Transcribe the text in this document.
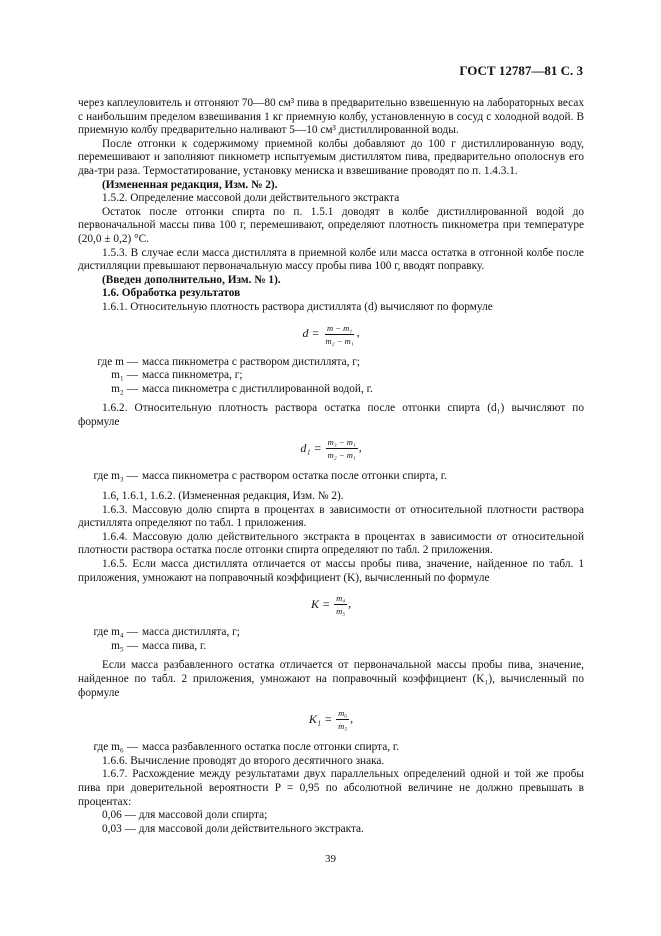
ГОСТ 12787—81 С. 3

через каплеуловитель и отгоняют 70—80 см³ пива в предварительно взвешенную на лабораторных весах с наибольшим пределом взвешивания 1 кг приемную колбу, установленную в сосуд с холодной водой. В приемную колбу предварительно наливают 5—10 см³ дистиллированной воды.

После отгонки к содержимому приемной колбы добавляют до 100 г дистиллированную воду, перемешивают и заполняют пикнометр испытуемым дистиллятом пива, предварительно ополоснув его два-три раза. Термостатирование, установку мениска и взвешивание проводят по п. 1.4.3.1.

(Измененная редакция, Изм. № 2).

1.5.2. Определение массовой доли действительного экстракта

Остаток после отгонки спирта по п. 1.5.1 доводят в колбе дистиллированной водой до первоначальной массы пива 100 г, перемешивают, определяют плотность пикнометра при температуре (20,0 ± 0,2) °С.

1.5.3. В случае если масса дистиллята в приемной колбе или масса остатка в отгонной колбе после дистилляции превышают первоначальную массу пробы пива 100 г, вводят поправку.

(Введен дополнительно, Изм. № 1).

1.6. Обработка результатов

1.6.1. Относительную плотность раствора дистиллята (d) вычисляют по формуле

$d = \frac{\text{m − m₁}}{\text{m₂ − m₁}}$ ,
где m — масса пикнометра с раствором дистиллята, г;
m₁ — масса пикнометра, г;
m₂ — масса пикнометра с дистиллированной водой, г.

1.6.2. Относительную плотность раствора остатка после отгонки спирта (d₁) вычисляют по формуле

$d_1 = \frac{\text{m₃ − m₁}}{\text{m₂ − m₁}}$ ,
где m₃ — масса пикнометра с раствором остатка после отгонки спирта, г.

1.6, 1.6.1, 1.6.2. (Измененная редакция, Изм. № 2).

1.6.3. Массовую долю спирта в процентах в зависимости от относительной плотности раствора дистиллята определяют по табл. 1 приложения.

1.6.4. Массовую долю действительного экстракта в процентах в зависимости от относительной плотности раствора остатка после отгонки спирта определяют по табл. 2 приложения.

1.6.5. Если масса дистиллята отличается от массы пробы пива, значение, найденное по табл. 1 приложения, умножают на поправочный коэффициент (K), вычисленный по формуле

$K = \frac{\text{m₄}}{\text{m₅}}$ ,
где m₄ — масса дистиллята, г;
m₅ — масса пива, г.

Если масса разбавленного остатка отличается от первоначальной массы пробы пива, значение, найденное по табл. 2 приложения, умножают на поправочный коэффициент (K₁), вычисленный по формуле

$K_1 = \frac{\text{m₆}}{\text{m₅}}$ ,
где m₆ — масса разбавленного остатка после отгонки спирта, г.

1.6.6. Вычисление проводят до второго десятичного знака.

1.6.7. Расхождение между результатами двух параллельных определений одной и той же пробы пива при доверительной вероятности P = 0,95 по абсолютной величине не должно превышать в процентах:

0,06 — для массовой доли спирта;

0,03 — для массовой доли действительного экстракта.

39
